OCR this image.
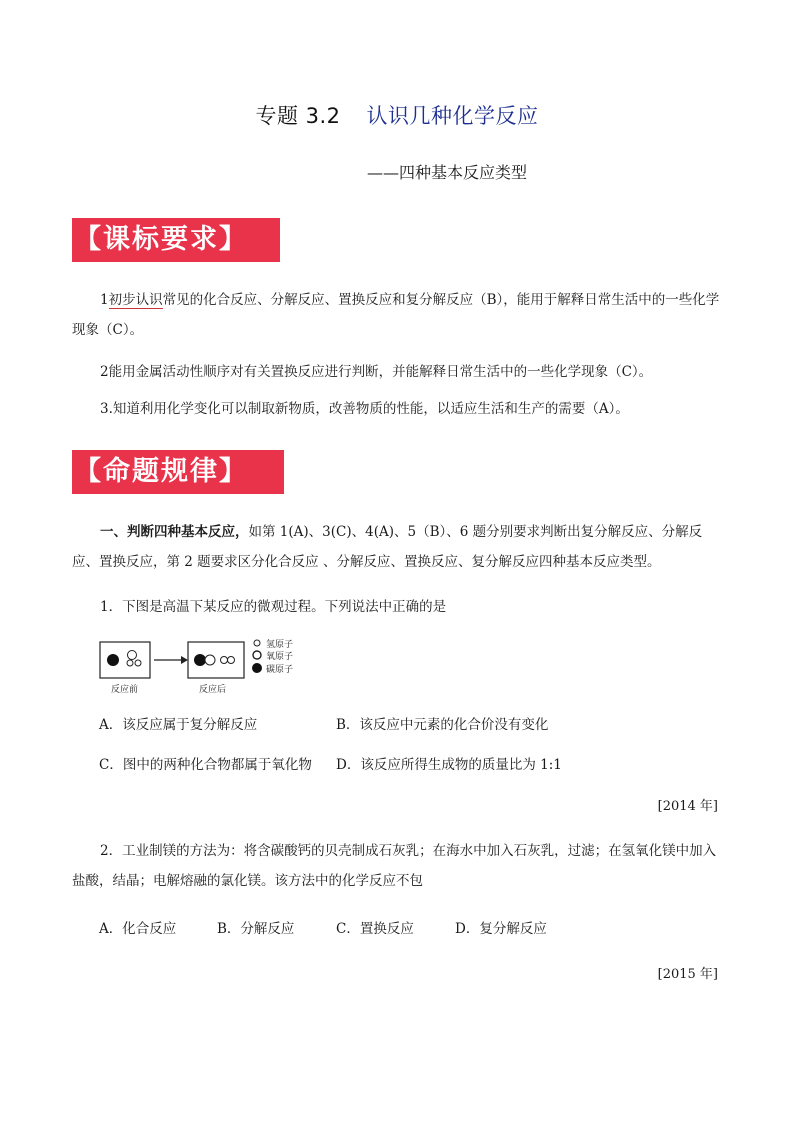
专题 3.2 认识几种化学反应
——四种基本反应类型
【课标要求】
1初步认识常见的化合反应、分解反应、置换反应和复分解反应（B），能用于解释日常生活中的一些化学现象（C）。
2能用金属活动性顺序对有关置换反应进行判断，并能解释日常生活中的一些化学现象（C）。
3.知道利用化学变化可以制取新物质，改善物质的性能，以适应生活和生产的需要（A）。
【命题规律】
一、判断四种基本反应，如第 1(A)、3(C)、4(A)、5（B）、6 题分别要求判断出复分解反应、分解反应、置换反应，第 2 题要求区分化合反应 、分解反应、置换反应、复分解反应四种基本反应类型。
1．下图是高温下某反应的微观过程。下列说法中正确的是
氢原子
氧原子
碳原子
反应前	反应后
A．该反应属于复分解反应	B．该反应中元素的化合价没有变化
C．图中的两种化合物都属于氧化物 D．该反应所得生成物的质量比为 1:1
[2014 年]
2．工业制镁的方法为：将含碳酸钙的贝壳制成石灰乳；在海水中加入石灰乳，过滤；在氢氧化镁中加入盐酸，结晶；电解熔融的氯化镁。该方法中的化学反应不包
A．化合反应	B．分解反应	C．置换反应	D．复分解反应
[2015 年]
